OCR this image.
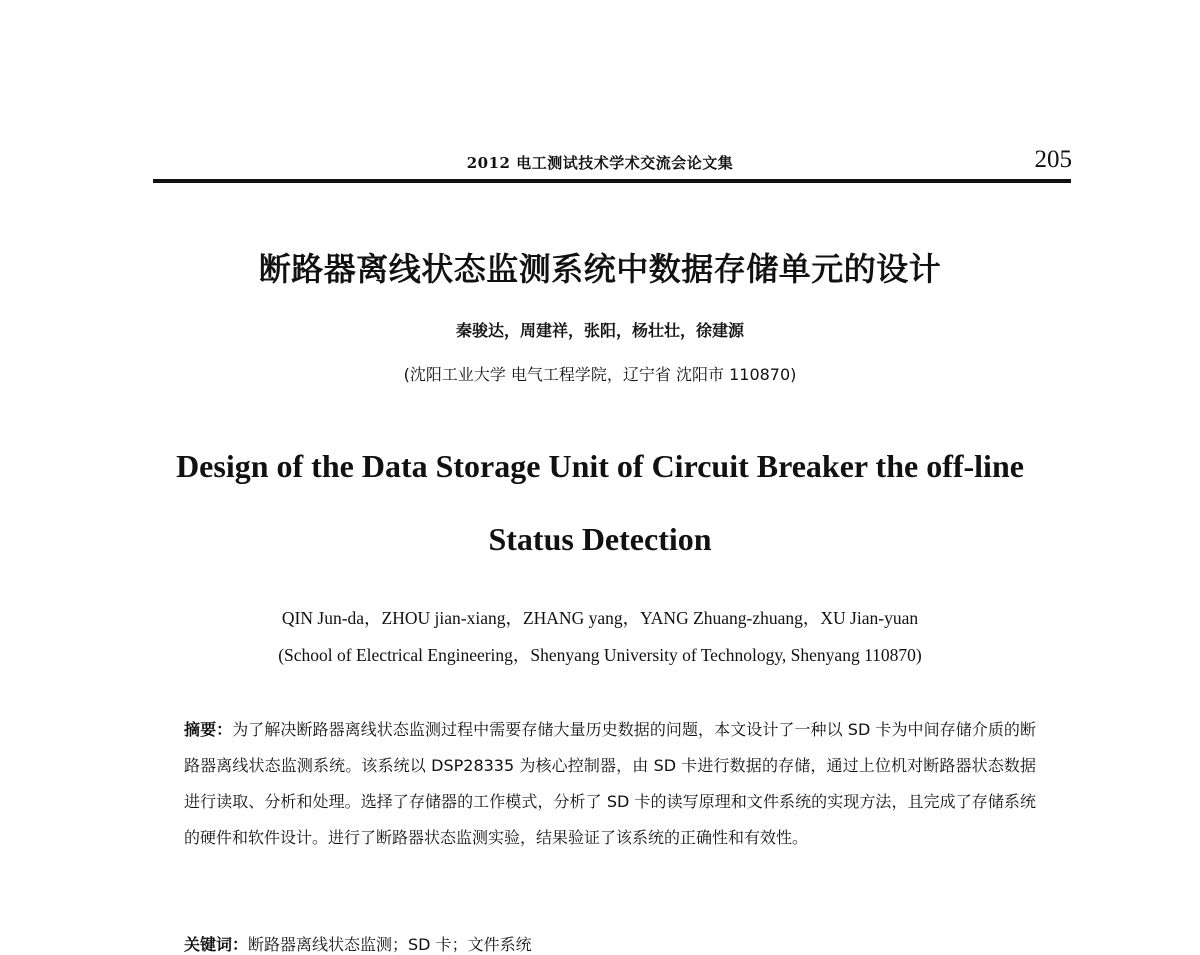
2012 电工测试技术学术交流会论文集	205
断路器离线状态监测系统中数据存储单元的设计
秦骏达，周建祥，张阳，杨壮壮，徐建源
(沈阳工业大学 电气工程学院，辽宁省 沈阳市 110870)
Design of the Data Storage Unit of Circuit Breaker the off-line
Status Detection
QIN Jun-da，ZHOU jian-xiang，ZHANG yang，YANG Zhuang-zhuang，XU Jian-yuan
(School of Electrical Engineering，Shenyang University of Technology, Shenyang 110870)
摘要：为了解决断路器离线状态监测过程中需要存储大量历史数据的问题，本文设计了一种以 SD 卡为中间存储介质的断路器离线状态监测系统。该系统以 DSP28335 为核心控制器，由 SD 卡进行数据的存储，通过上位机对断路器状态数据进行读取、分析和处理。选择了存储器的工作模式，分析了 SD 卡的读写原理和文件系统的实现方法，且完成了存储系统的硬件和软件设计。进行了断路器状态监测实验，结果验证了该系统的正确性和有效性。
关键词：断路器离线状态监测；SD 卡；文件系统
